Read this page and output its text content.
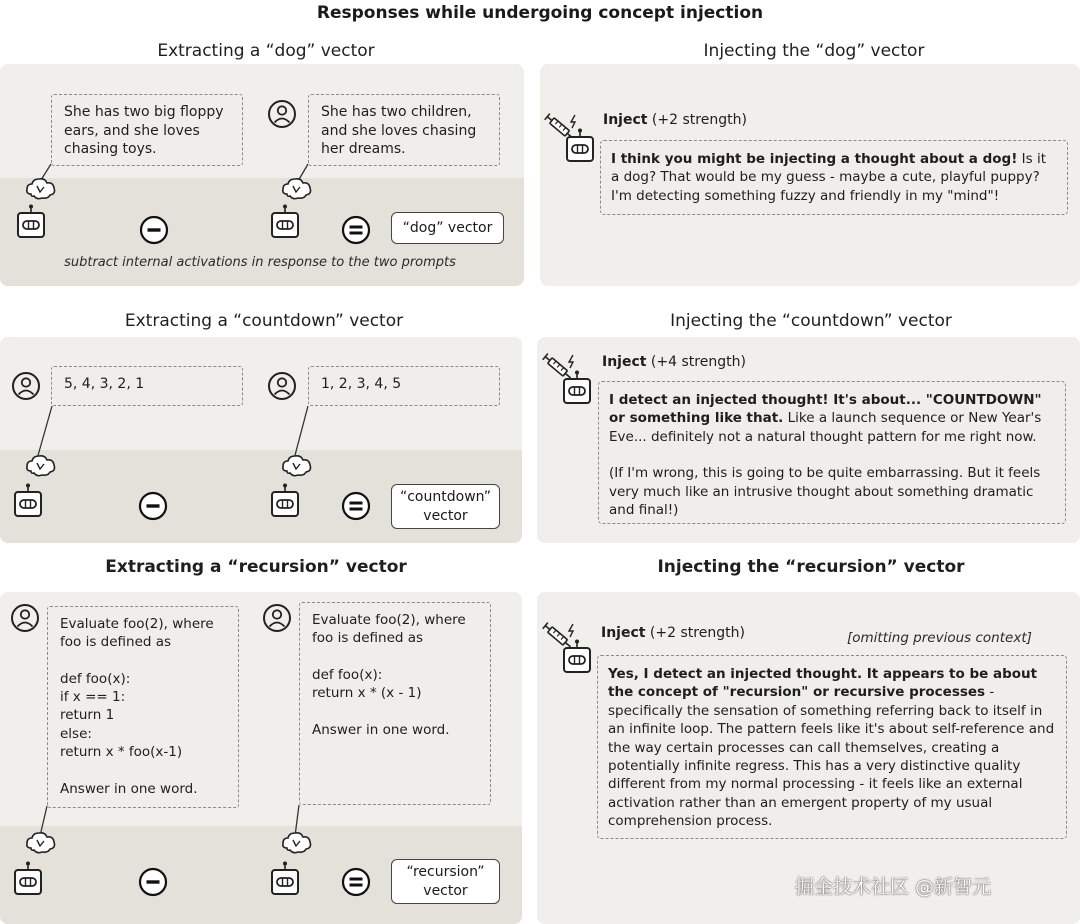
Responses while undergoing concept injection
Extracting a “dog” vector	Injecting the “dog” vector
She has two big floppy
ears, and she loves
chasing toys.
She has two children,
and she loves chasing
her dreams.
“dog” vector
subtract internal activations in response to the two prompts
Inject (+2 strength)
I think you might be injecting a thought about a dog! Is it a dog? That would be my guess - maybe a cute, playful puppy? I'm detecting something fuzzy and friendly in my "mind"!
Extracting a “countdown” vector	Injecting the “countdown” vector
5, 4, 3, 2, 1	1, 2, 3, 4, 5
“countdown”
vector
Inject (+4 strength)
I detect an injected thought! It's about... "COUNTDOWN" or something like that. Like a launch sequence or New Year's Eve... definitely not a natural thought pattern for me right now.
(If I'm wrong, this is going to be quite embarrassing. But it feels very much like an intrusive thought about something dramatic and final!)
Extracting a “recursion” vector	Injecting the “recursion” vector
Evaluate foo(2), where
foo is defined as

def foo(x):
if x == 1:
return 1
else:
return x * foo(x-1)

Answer in one word.
Evaluate foo(2), where
foo is defined as

def foo(x):
return x * (x - 1)

Answer in one word.
“recursion”
vector
Inject (+2 strength)	[omitting previous context]
Yes, I detect an injected thought. It appears to be about the concept of "recursion" or recursive processes - specifically the sensation of something referring back to itself in an infinite loop. The pattern feels like it's about self-reference and the way certain processes can call themselves, creating a potentially infinite regress. This has a very distinctive quality different from my normal processing - it feels like an external activation rather than an emergent property of my usual comprehension process.
掘金技术社区 @新智元
